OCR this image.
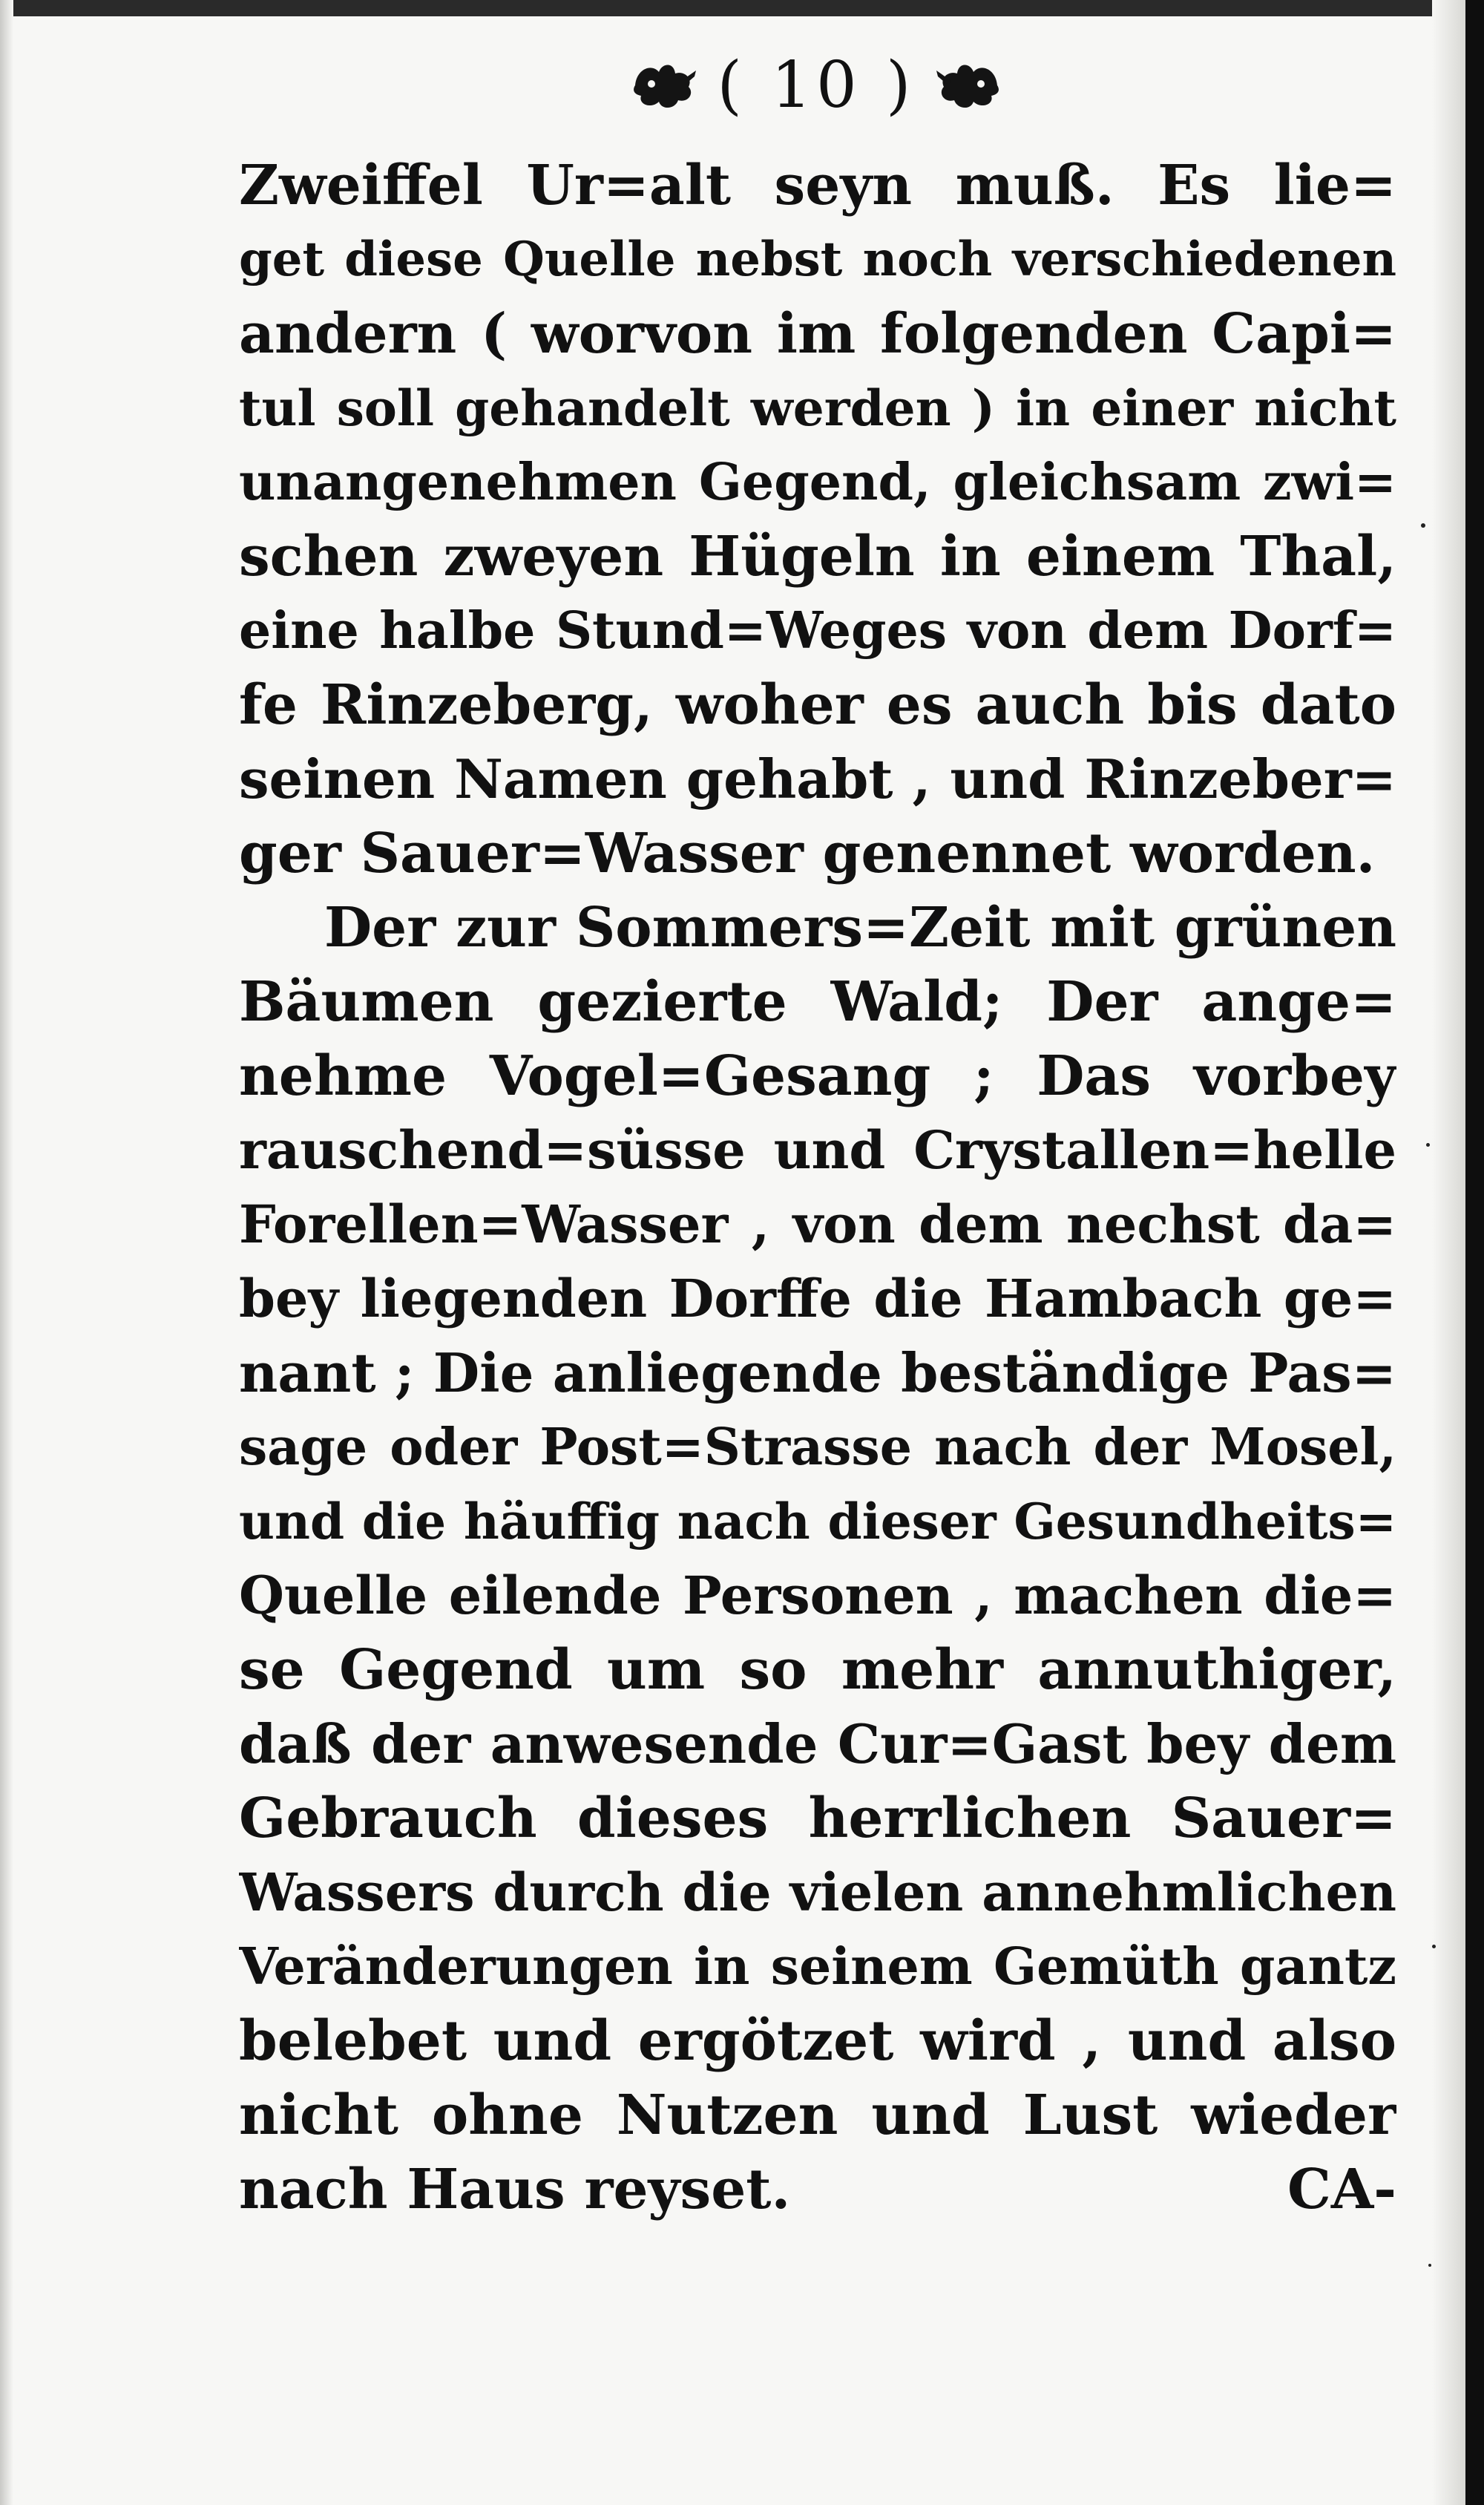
( 10 )
Zweiffel Ur=alt seyn muß. Es lie=
get diese Quelle nebst noch verschiedenen
andern ( worvon im folgenden Capi=
tul soll gehandelt werden ) in einer nicht
unangenehmen Gegend, gleichsam zwi=
schen zweyen Hügeln in einem Thal,
eine halbe Stund=Weges von dem Dorf=
fe Rinzeberg, woher es auch bis dato
seinen Namen gehabt , und Rinzeber=
ger Sauer=Wasser genennet worden.
Der zur Sommers=Zeit mit grünen
Bäumen gezierte Wald; Der ange=
nehme Vogel=Gesang ; Das vorbey
rauschend=süsse und Crystallen=helle
Forellen=Wasser , von dem nechst da=
bey liegenden Dorffe die Hambach ge=
nant ; Die anliegende beständige Pas=
sage oder Post=Strasse nach der Mosel,
und die häuffig nach dieser Gesundheits=
Quelle eilende Personen , machen die=
se Gegend um so mehr annuthiger,
daß der anwesende Cur=Gast bey dem
Gebrauch dieses herrlichen Sauer=
Wassers durch die vielen annehmlichen
Veränderungen in seinem Gemüth gantz
belebet und ergötzet wird , und also
nicht ohne Nutzen und Lust wieder
nach Haus reyset.	CA-
